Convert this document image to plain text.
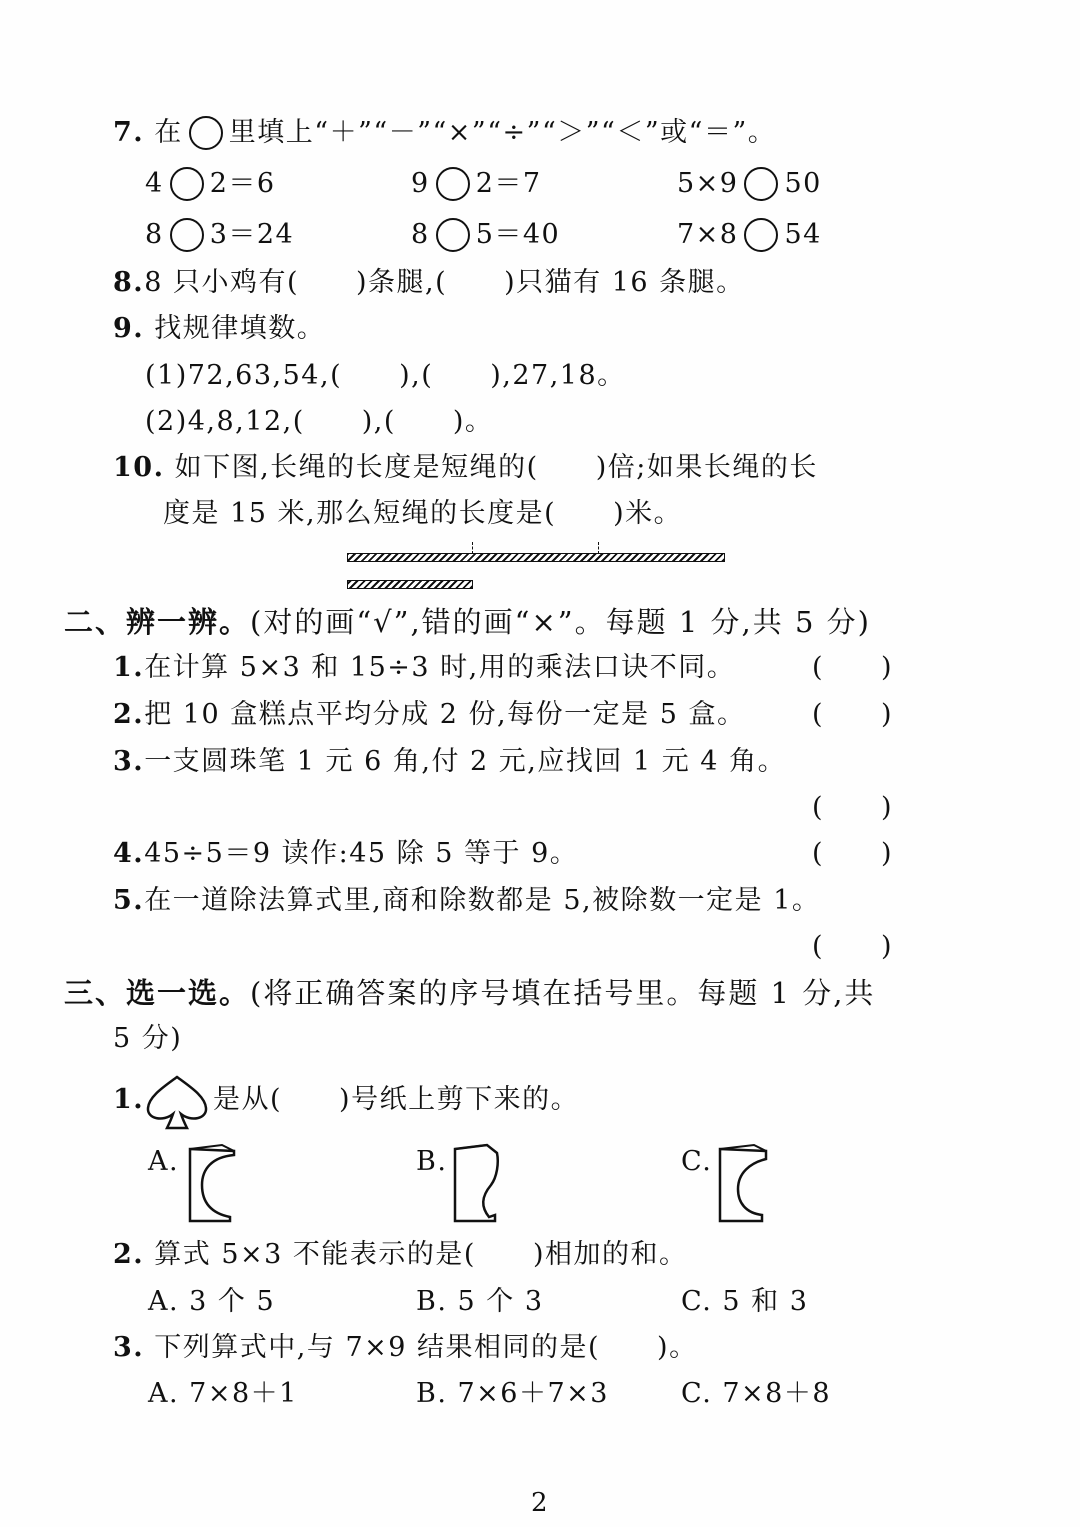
7. 在 里填上“＋”“－”“×”“÷”“＞”“＜”或“＝”。
4 2＝6	9 2＝7	5×9 50
8 3＝24	8 5＝40	7×8 54
8.8 只小鸡有(　　)条腿,(　　)只猫有 16 条腿。
9. 找规律填数。
(1)72,63,54,(　　),(　　),27,18。
(2)4,8,12,(　　),(　　)。
10. 如下图,长绳的长度是短绳的(　　)倍;如果长绳的长
度是 15 米,那么短绳的长度是(　　)米。
二、辨一辨。(对的画“√”,错的画“×”。每题 1 分,共 5 分)
1.在计算 5×3 和 15÷3 时,用的乘法口诀不同。	(　　)
2.把 10 盒糕点平均分成 2 份,每份一定是 5 盒。 (　　)
3.一支圆珠笔 1 元 6 角,付 2 元,应找回 1 元 4 角。
(　　)
4.45÷5＝9 读作:45 除 5 等于 9。	(　　)
5.在一道除法算式里,商和除数都是 5,被除数一定是 1。
(　　)
三、选一选。(将正确答案的序号填在括号里。每题 1 分,共
5 分)
1.	是从(　　)号纸上剪下来的。
A.	B.	C.
2. 算式 5×3 不能表示的是(　　)相加的和。
A. 3 个 5	B. 5 个 3	C. 5 和 3
3. 下列算式中,与 7×9 结果相同的是(　　)。
A. 7×8＋1	B. 7×6＋7×3	C. 7×8＋8
2
